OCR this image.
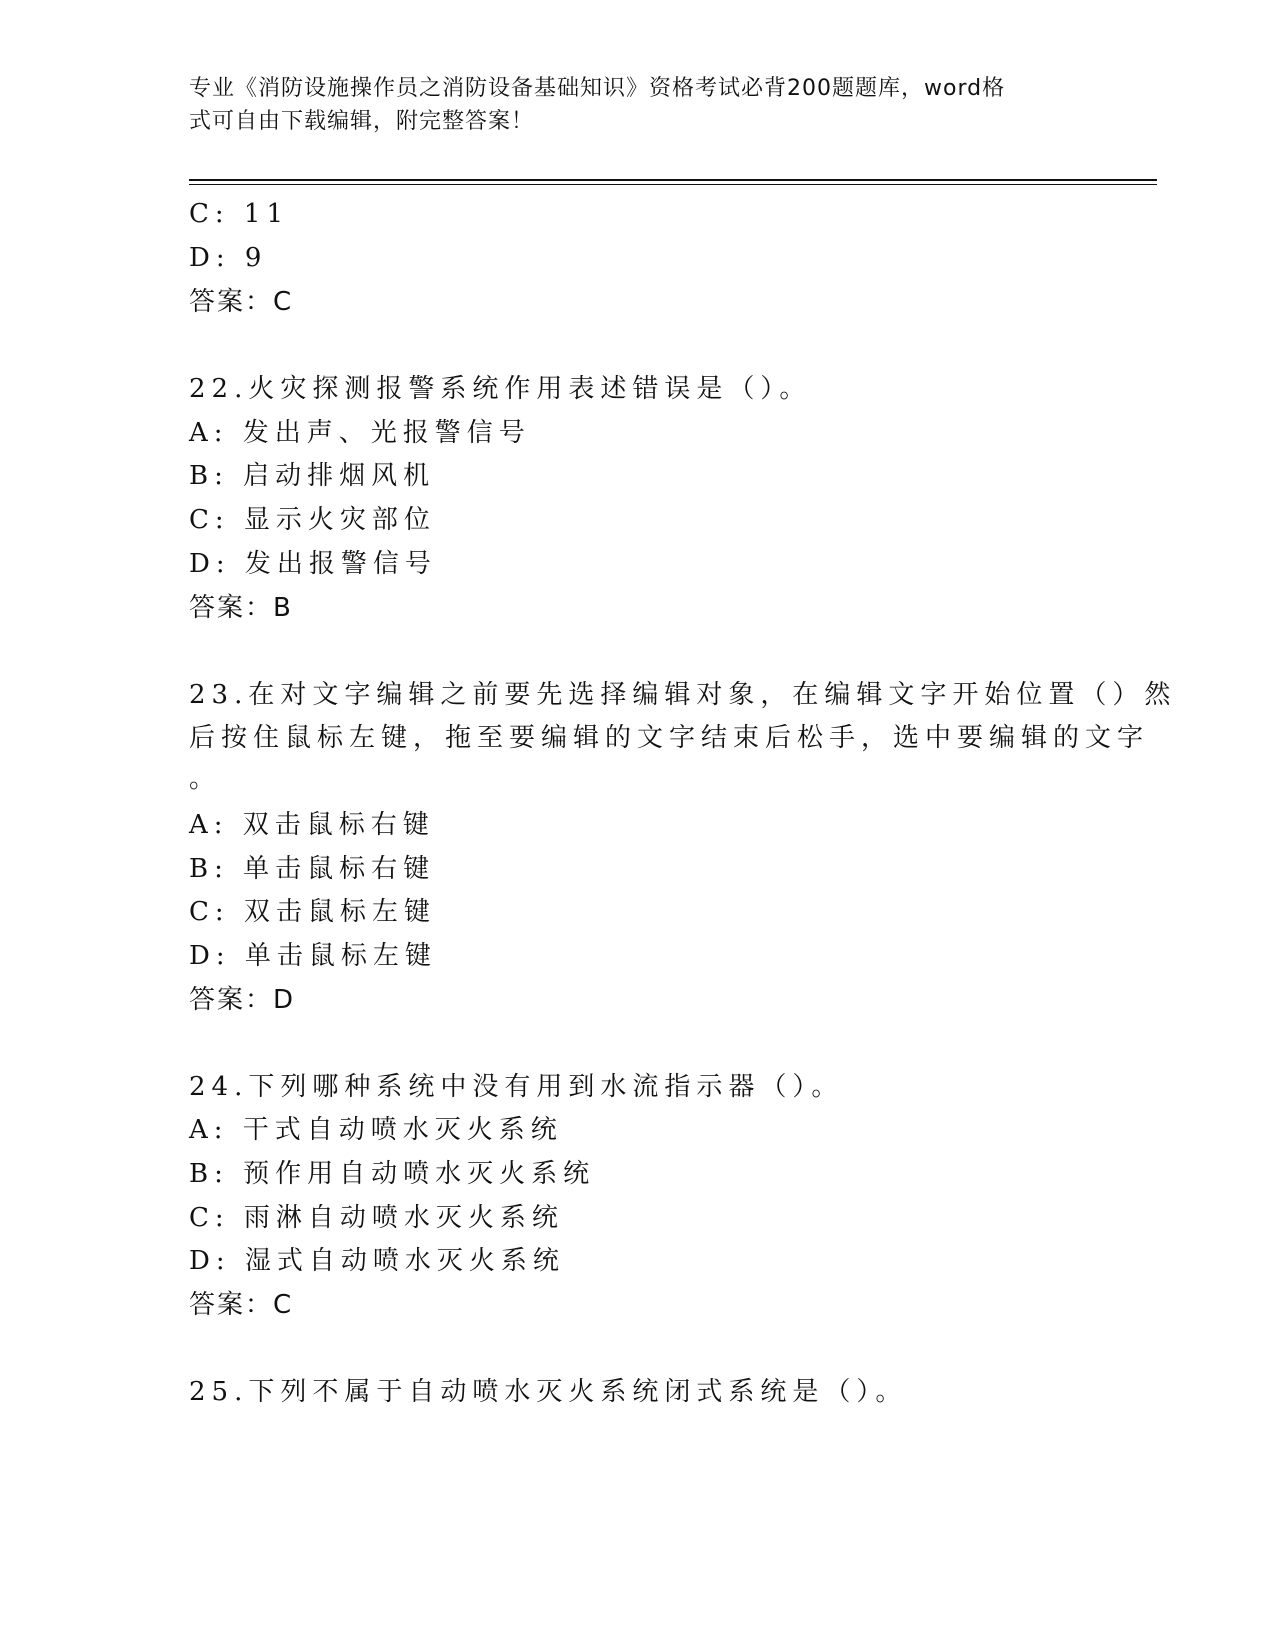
专业《消防设施操作员之消防设备基础知识》资格考试必背200题题库，word格
式可自由下载编辑，附完整答案！
C: 11
D: 9
答案：C
22.火灾探测报警系统作用表述错误是（）。
A: 发出声、光报警信号
B: 启动排烟风机
C: 显示火灾部位
D: 发出报警信号
答案：B
23.在对文字编辑之前要先选择编辑对象，在编辑文字开始位置（）然
后按住鼠标左键，拖至要编辑的文字结束后松手，选中要编辑的文字
。
A: 双击鼠标右键
B: 单击鼠标右键
C: 双击鼠标左键
D: 单击鼠标左键
答案：D
24.下列哪种系统中没有用到水流指示器（）。
A: 干式自动喷水灭火系统
B: 预作用自动喷水灭火系统
C: 雨淋自动喷水灭火系统
D: 湿式自动喷水灭火系统
答案：C
25.下列不属于自动喷水灭火系统闭式系统是（）。
